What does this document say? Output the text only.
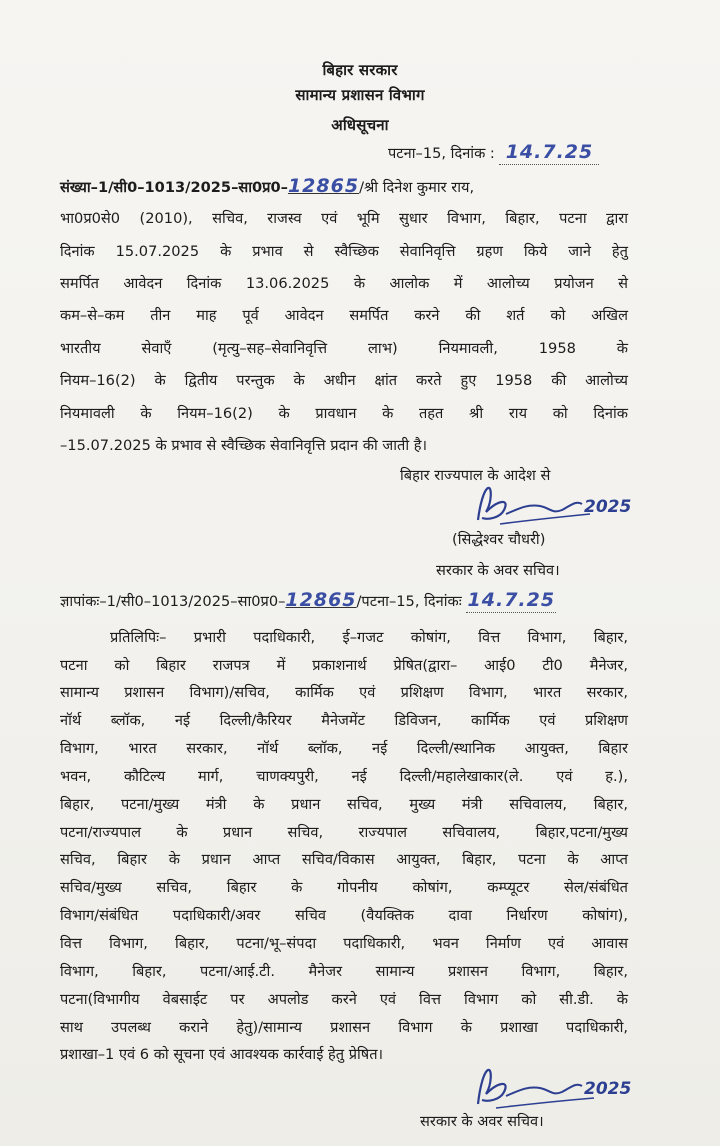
बिहार सरकार
सामान्य प्रशासन विभाग
अधिसूचना
पटना–15, दिनांक : 14.7.25
संख्या–1/सी0–1013/2025–सा0प्र0–12865/श्री दिनेश कुमार राय,
भा0प्र0से0 (2010), सचिव, राजस्व एवं भूमि सुधार विभाग, बिहार, पटना द्वारा
दिनांक 15.07.2025 के प्रभाव से स्वैच्छिक सेवानिवृत्ति ग्रहण किये जाने हेतु
समर्पित आवेदन दिनांक 13.06.2025 के आलोक में आलोच्य प्रयोजन से
कम–से–कम तीन माह पूर्व आवेदन समर्पित करने की शर्त को अखिल
भारतीय सेवाएँ (मृत्यु–सह–सेवानिवृत्ति लाभ) नियमावली, 1958 के
नियम–16(2) के द्वितीय परन्तुक के अधीन क्षांत करते हुए 1958 की आलोच्य
नियमावली के नियम–16(2) के प्रावधान के तहत श्री राय को दिनांक
–15.07.2025 के प्रभाव से स्वैच्छिक सेवानिवृत्ति प्रदान की जाती है।
बिहार राज्यपाल के आदेश से
2025
(सिद्धेश्वर चौधरी)
सरकार के अवर सचिव।
ज्ञापांकः–1/सी0–1013/2025–सा0प्र0–12865/पटना–15, दिनांकः 14.7.25
प्रतिलिपिः– प्रभारी पदाधिकारी, ई–गजट कोषांग, वित्त विभाग, बिहार,
पटना को बिहार राजपत्र में प्रकाशनार्थ प्रेषित(द्वारा– आई0 टी0 मैनेजर,
सामान्य प्रशासन विभाग)/सचिव, कार्मिक एवं प्रशिक्षण विभाग, भारत सरकार,
नॉर्थ ब्लॉक, नई दिल्ली/कैरियर मैनेजमेंट डिविजन, कार्मिक एवं प्रशिक्षण
विभाग, भारत सरकार, नॉर्थ ब्लॉक, नई दिल्ली/स्थानिक आयुक्त, बिहार
भवन, कौटिल्य मार्ग, चाणक्यपुरी, नई दिल्ली/महालेखाकार(ले. एवं ह.),
बिहार, पटना/मुख्य मंत्री के प्रधान सचिव, मुख्य मंत्री सचिवालय, बिहार,
पटना/राज्यपाल के प्रधान सचिव, राज्यपाल सचिवालय, बिहार,पटना/मुख्य
सचिव, बिहार के प्रधान आप्त सचिव/विकास आयुक्त, बिहार, पटना के आप्त
सचिव/मुख्य सचिव, बिहार के गोपनीय कोषांग, कम्प्यूटर सेल/संबंधित
विभाग/संबंधित पदाधिकारी/अवर सचिव (वैयक्तिक दावा निर्धारण कोषांग),
वित्त विभाग, बिहार, पटना/भू–संपदा पदाधिकारी, भवन निर्माण एवं आवास
विभाग, बिहार, पटना/आई.टी. मैनेजर सामान्य प्रशासन विभाग, बिहार,
पटना(विभागीय वेबसाईट पर अपलोड करने एवं वित्त विभाग को सी.डी. के
साथ उपलब्ध कराने हेतु)/सामान्य प्रशासन विभाग के प्रशाखा पदाधिकारी,
प्रशाखा–1 एवं 6 को सूचना एवं आवश्यक कार्रवाई हेतु प्रेषित।
2025
सरकार के अवर सचिव।
